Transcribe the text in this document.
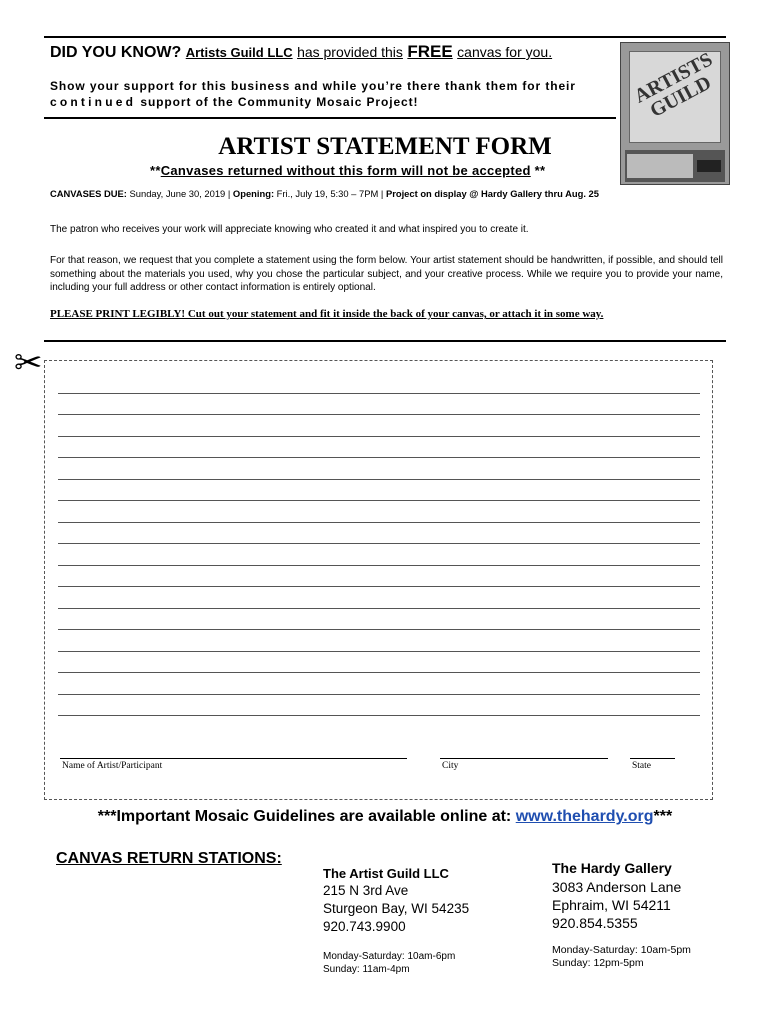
DID YOU KNOW? Artists Guild LLC has provided this FREE canvas for you.
Show your support for this business and while you’re there thank them for their
continued support of the Community Mosaic Project!	ARTISTS GUILD
ARTIST STATEMENT FORM
**Canvases returned without this form will not be accepted **
CANVASES DUE: Sunday, June 30, 2019 | Opening: Fri., July 19, 5:30 – 7PM | Project on display @ Hardy Gallery thru Aug. 25
The patron who receives your work will appreciate knowing who created it and what inspired you to create it.
For that reason, we request that you complete a statement using the form below. Your artist statement should be handwritten, if possible, and should tell something about the materials you used, why you chose the particular subject, and your creative process. While we require you to provide your name, including your full address or other contact information is entirely optional.
PLEASE PRINT LEGIBLY! Cut out your statement and fit it inside the back of your canvas, or attach it in some way.
✂
Name of Artist/Participant	City	State
***Important Mosaic Guidelines are available online at: www.thehardy.org***
CANVAS RETURN STATIONS:
The Artist Guild LLC
215 N 3rd Ave
Sturgeon Bay, WI 54235
920.743.9900
Monday-Saturday: 10am-6pm
Sunday: 11am-4pm
The Hardy Gallery
3083 Anderson Lane
Ephraim, WI 54211
920.854.5355
Monday-Saturday: 10am-5pm
Sunday: 12pm-5pm
